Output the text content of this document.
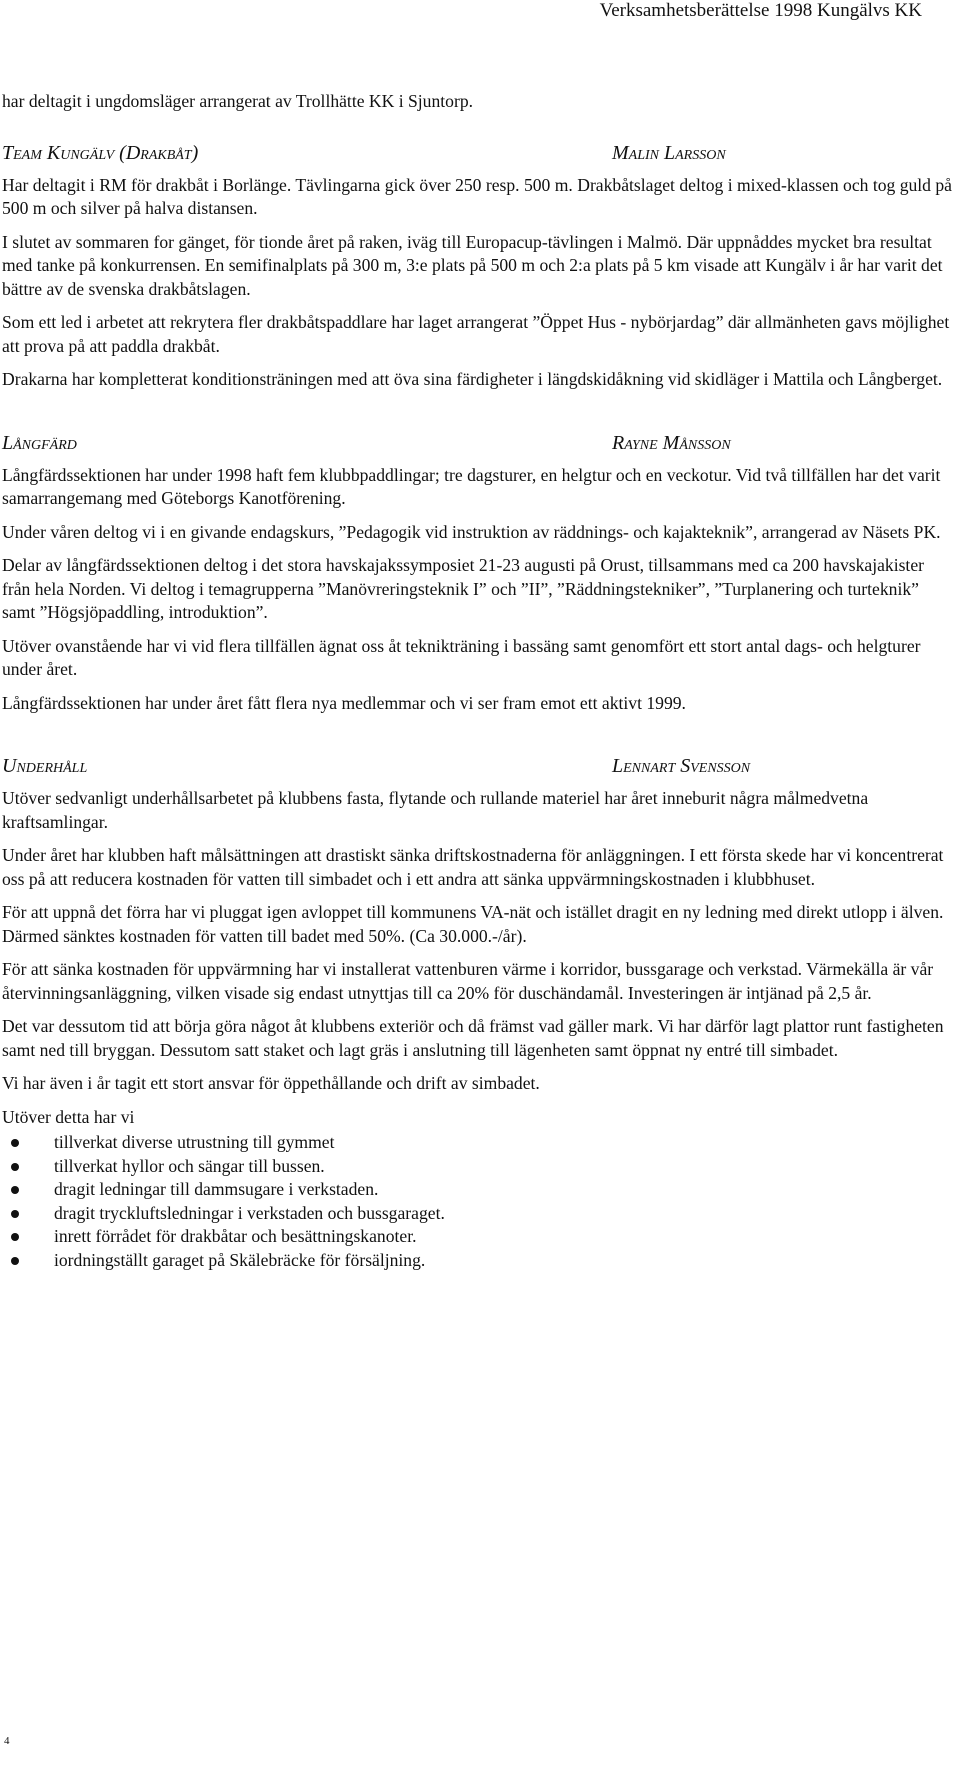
Verksamhetsberättelse 1998 Kungälvs KK

har deltagit i ungdomsläger arrangerat av Trollhätte KK i Sjuntorp.

Team Kungälv (Drakbåt)	Malin Larsson

Har deltagit i RM för drakbåt i Borlänge. Tävlingarna gick över 250 resp. 500 m. Drakbåtslaget deltog i mixed-klassen och tog guld på 500 m och silver på halva distansen.

I slutet av sommaren for gänget, för tionde året på raken, iväg till Europacup-tävlingen i Malmö. Där uppnåddes mycket bra resultat med tanke på konkurrensen. En semifinalplats på 300 m, 3:e plats på 500 m och 2:a plats på 5 km visade att Kungälv i år har varit det bättre av de svenska drakbåtslagen.

Som ett led i arbetet att rekrytera fler drakbåtspaddlare har laget arrangerat ”Öppet Hus - nybörjardag” där allmänheten gavs möjlighet att prova på att paddla drakbåt.

Drakarna har kompletterat konditionsträningen med att öva sina färdigheter i längdskidåkning vid skidläger i Mattila och Långberget.

Långfärd	Rayne Månsson

Långfärdssektionen har under 1998 haft fem klubbpaddlingar; tre dagsturer, en helgtur och en veckotur. Vid två tillfällen har det varit samarrangemang med Göteborgs Kanotförening.

Under våren deltog vi i en givande endagskurs, ”Pedagogik vid instruktion av räddnings- och kajakteknik”, arrangerad av Näsets PK.

Delar av långfärdssektionen deltog i det stora havskajakssymposiet 21-23 augusti på Orust, tillsammans med ca 200 havskajakister från hela Norden. Vi deltog i temagrupperna ”Manövreringsteknik I” och ”II”, ”Räddningstekniker”, ”Turplanering och turteknik” samt ”Högsjöpaddling, introduktion”.

Utöver ovanstående har vi vid flera tillfällen ägnat oss åt teknikträning i bassäng samt genomfört ett stort antal dags- och helgturer under året.

Långfärdssektionen har under året fått flera nya medlemmar och vi ser fram emot ett aktivt 1999.

Underhåll	Lennart Svensson

Utöver sedvanligt underhållsarbetet på klubbens fasta, flytande och rullande materiel har året inneburit några målmedvetna kraftsamlingar.

Under året har klubben haft målsättningen att drastiskt sänka driftskostnaderna för anläggningen. I ett första skede har vi koncentrerat oss på att reducera kostnaden för vatten till simbadet och i ett andra att sänka uppvärmningskostnaden i klubbhuset.

För att uppnå det förra har vi pluggat igen avloppet till kommunens VA-nät och istället dragit en ny ledning med direkt utlopp i älven. Därmed sänktes kostnaden för vatten till badet med 50%. (Ca 30.000.-/år).

För att sänka kostnaden för uppvärmning har vi installerat vattenburen värme i korridor, bussgarage och verkstad. Värmekälla är vår återvinningsanläggning, vilken visade sig endast utnyttjas till ca 20% för duschändamål. Investeringen är intjänad på 2,5 år.

Det var dessutom tid att börja göra något åt klubbens exteriör och då främst vad gäller mark. Vi har därför lagt plattor runt fastigheten samt ned till bryggan. Dessutom satt staket och lagt gräs i anslutning till lägenheten samt öppnat ny entré till simbadet.

Vi har även i år tagit ett stort ansvar för öppethållande och drift av simbadet.

Utöver detta har vi

tillverkat diverse utrustning till gymmet
tillverkat hyllor och sängar till bussen.
dragit ledningar till dammsugare i verkstaden.
dragit tryckluftsledningar i verkstaden och bussgaraget.
inrett förrådet för drakbåtar och besättningskanoter.
iordningställt garaget på Skälebräcke för försäljning.
4
